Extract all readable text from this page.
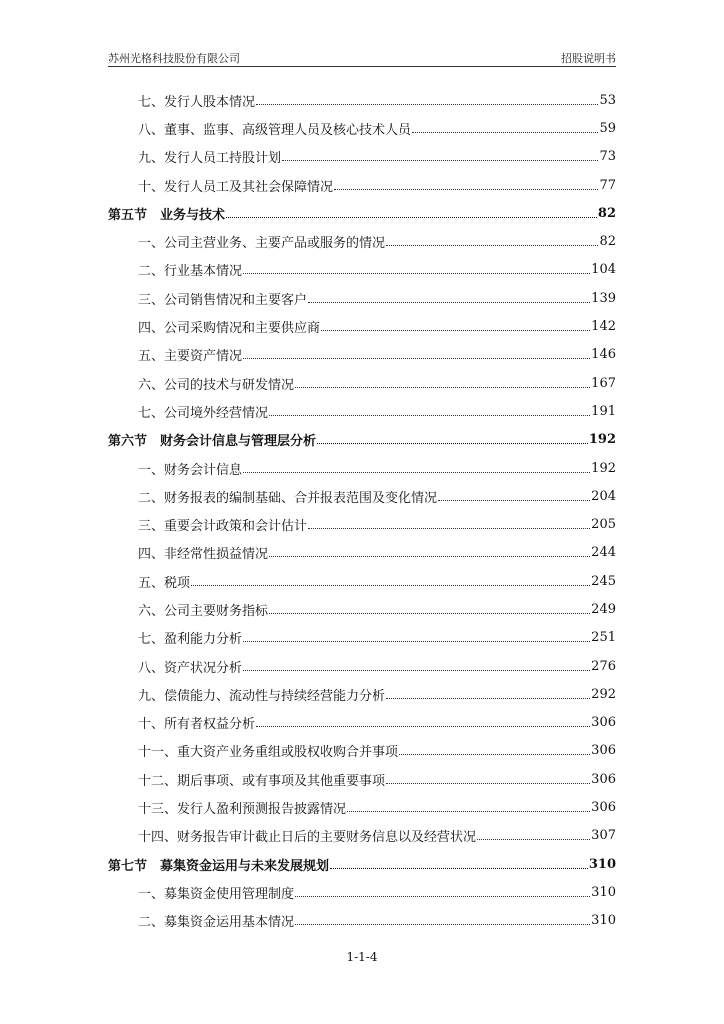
苏州光格科技股份有限公司	招股说明书
七、发行人股本情况	53
八、董事、监事、高级管理人员及核心技术人员	59
九、发行人员工持股计划	73
十、发行人员工及其社会保障情况	77
第五节　业务与技术	82
一、公司主营业务、主要产品或服务的情况	82
二、行业基本情况	104
三、公司销售情况和主要客户	139
四、公司采购情况和主要供应商	142
五、主要资产情况	146
六、公司的技术与研发情况	167
七、公司境外经营情况	191
第六节　财务会计信息与管理层分析	192
一、财务会计信息	192
二、财务报表的编制基础、合并报表范围及变化情况	204
三、重要会计政策和会计估计	205
四、非经常性损益情况	244
五、税项	245
六、公司主要财务指标	249
七、盈利能力分析	251
八、资产状况分析	276
九、偿债能力、流动性与持续经营能力分析	292
十、所有者权益分析	306
十一、重大资产业务重组或股权收购合并事项	306
十二、期后事项、或有事项及其他重要事项	306
十三、发行人盈利预测报告披露情况	306
十四、财务报告审计截止日后的主要财务信息以及经营状况	307
第七节　募集资金运用与未来发展规划	310
一、募集资金使用管理制度	310
二、募集资金运用基本情况	310
1-1-4
